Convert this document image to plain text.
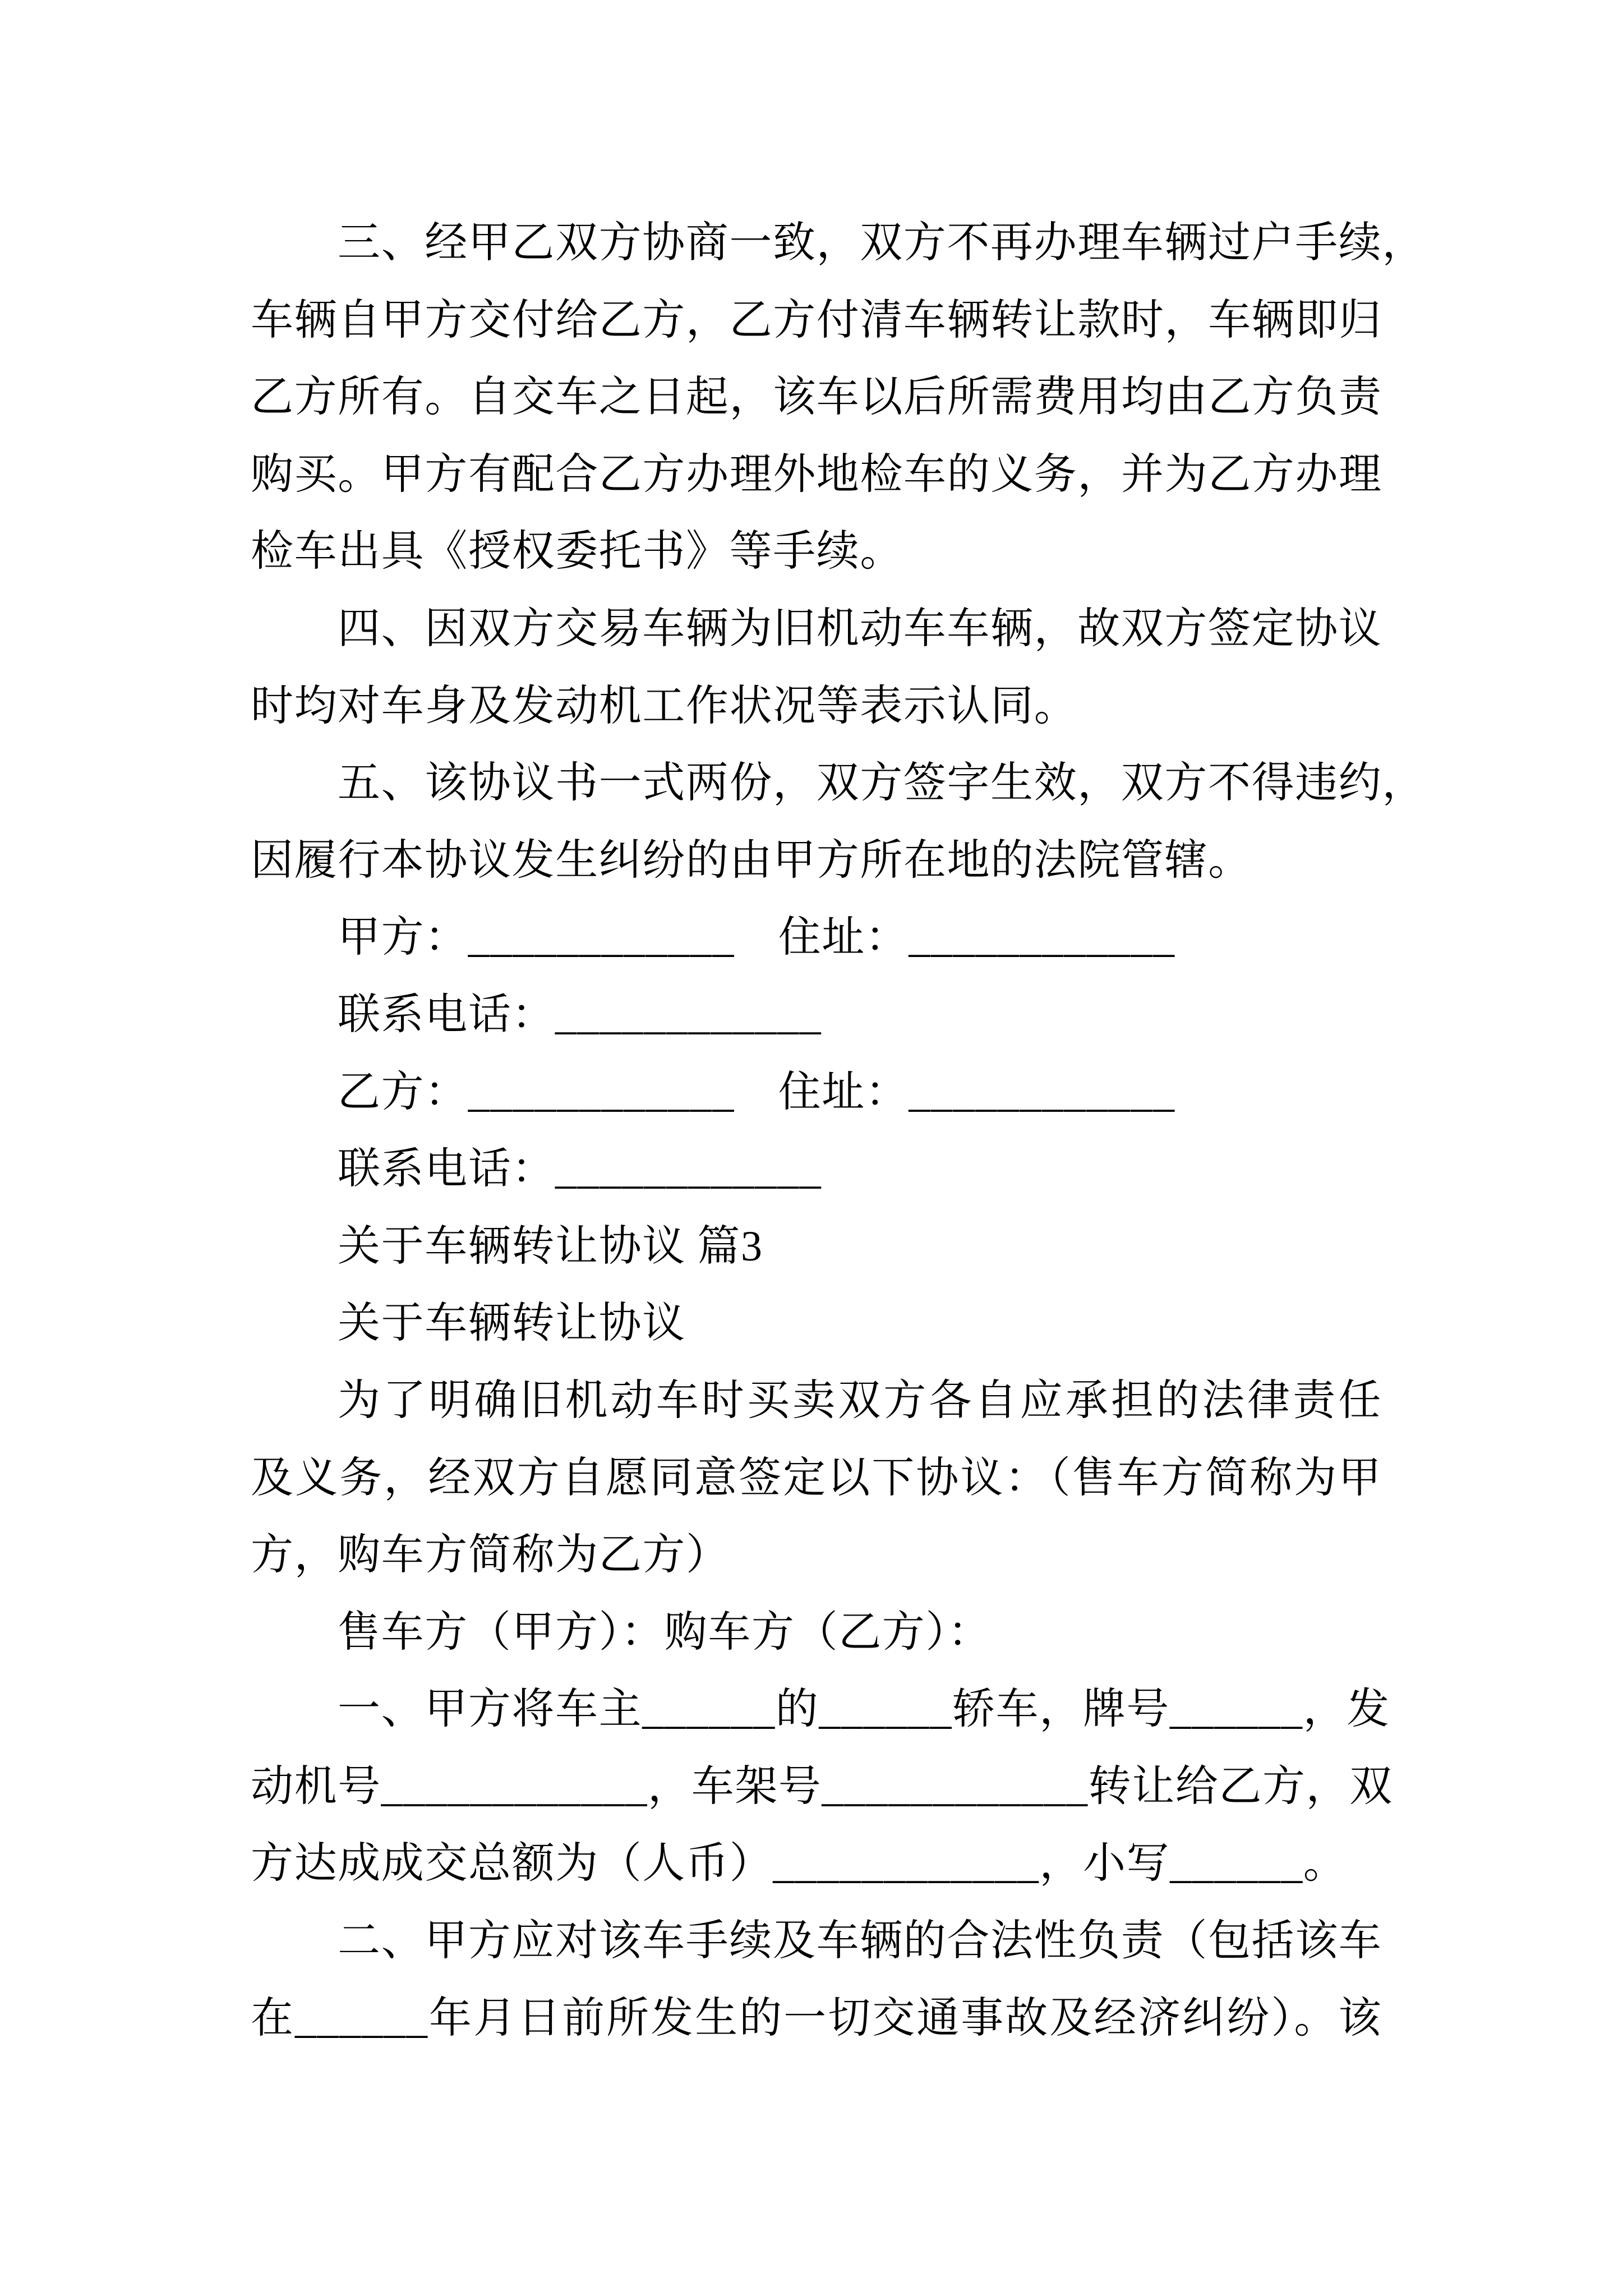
三、经甲乙双方协商一致，双方不再办理车辆过户手续，
车辆自甲方交付给乙方，乙方付清车辆转让款时，车辆即归
乙方所有。自交车之日起，该车以后所需费用均由乙方负责
购买。甲方有配合乙方办理外地检车的义务，并为乙方办理
检车出具《授权委托书》等手续。
四、因双方交易车辆为旧机动车车辆，故双方签定协议
时均对车身及发动机工作状况等表示认同。
五、该协议书一式两份，双方签字生效，双方不得违约，
因履行本协议发生纠纷的由甲方所在地的法院管辖。
甲方：____________　住址：____________
联系电话：____________
乙方：____________　住址：____________
联系电话：____________
关于车辆转让协议 篇3
关于车辆转让协议
为了明确旧机动车时买卖双方各自应承担的法律责任
及义务，经双方自愿同意签定以下协议：（售车方简称为甲
方，购车方简称为乙方）
售车方（甲方）：购车方（乙方）：
一、甲方将车主______的______轿车，牌号______，发
动机号____________，车架号____________转让给乙方，双
方达成成交总额为（人币）____________，小写______。
二、甲方应对该车手续及车辆的合法性负责（包括该车
在______年月日前所发生的一切交通事故及经济纠纷）。该
